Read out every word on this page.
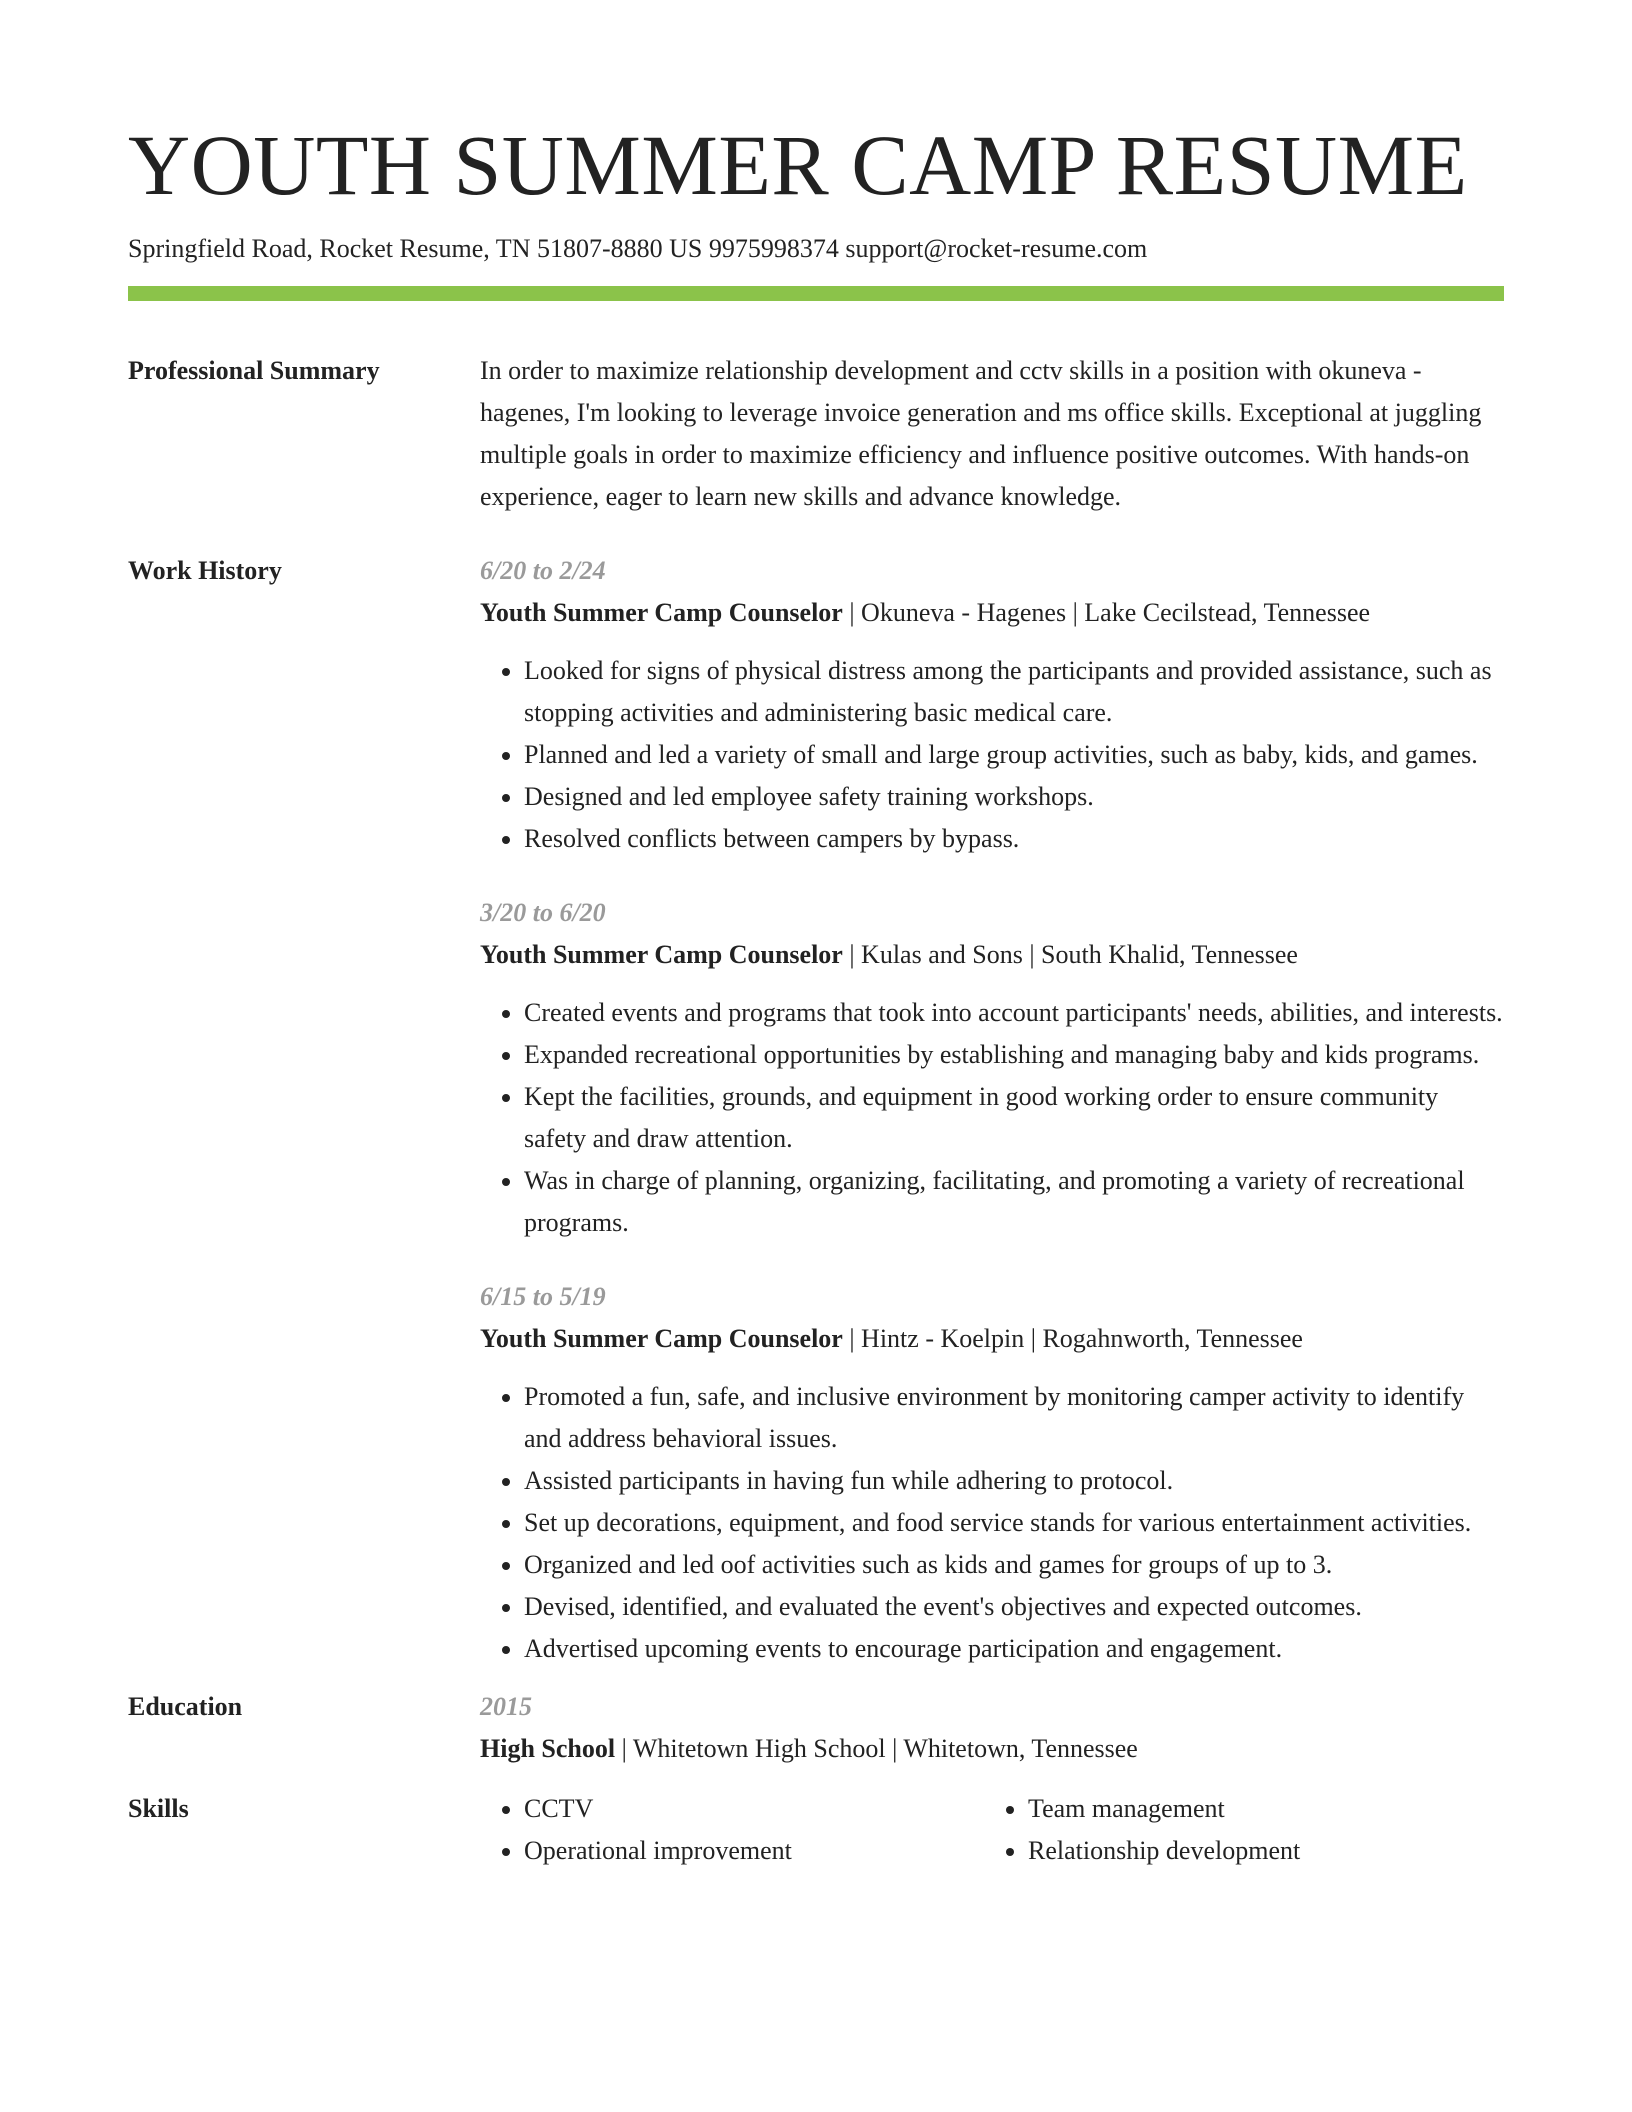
YOUTH SUMMER CAMP RESUME
Springfield Road, Rocket Resume, TN 51807-8880 US 9975998374 support@rocket-resume.com
Professional Summary	In order to maximize relationship development and cctv skills in a position with okuneva - hagenes, I'm looking to leverage invoice generation and ms office skills. Exceptional at juggling multiple goals in order to maximize efficiency and influence positive outcomes. With hands-on experience, eager to learn new skills and advance knowledge.

Work History	6/20 to 2/24
Youth Summer Camp Counselor | Okuneva - Hagenes | Lake Cecilstead, Tennessee
• Looked for signs of physical distress among the participants and provided assistance, such as stopping activities and administering basic medical care.
• Planned and led a variety of small and large group activities, such as baby, kids, and games.
• Designed and led employee safety training workshops.
• Resolved conflicts between campers by bypass.
3/20 to 6/20
Youth Summer Camp Counselor | Kulas and Sons | South Khalid, Tennessee
• Created events and programs that took into account participants' needs, abilities, and interests.
• Expanded recreational opportunities by establishing and managing baby and kids programs.
• Kept the facilities, grounds, and equipment in good working order to ensure community safety and draw attention.
• Was in charge of planning, organizing, facilitating, and promoting a variety of recreational programs.
6/15 to 5/19
Youth Summer Camp Counselor | Hintz - Koelpin | Rogahnworth, Tennessee
• Promoted a fun, safe, and inclusive environment by monitoring camper activity to identify and address behavioral issues.
• Assisted participants in having fun while adhering to protocol.
• Set up decorations, equipment, and food service stands for various entertainment activities.
• Organized and led oof activities such as kids and games for groups of up to 3.
• Devised, identified, and evaluated the event's objectives and expected outcomes.
• Advertised upcoming events to encourage participation and engagement.
Education	2015
High School | Whitetown High School | Whitetown, Tennessee
Skills
•	CCTV
• Operational improvement
• Team management
• Relationship development
